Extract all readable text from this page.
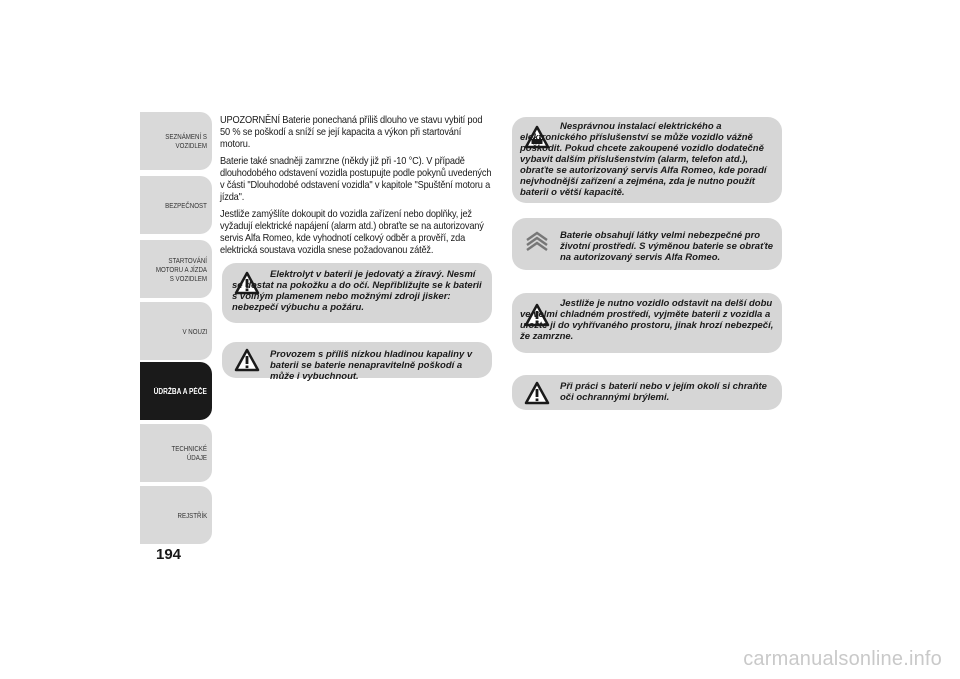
SEZNÁMENÍ S VOZIDLEM
BEZPEČNOST
STARTOVÁNÍ MOTORU A JÍZDA S VOZIDLEM
V NOUZI
ÚDRŽBA A PÉČE
TECHNICKÉ ÚDAJE
REJSTŘÍK
194

UPOZORNĚNÍ Baterie ponechaná příliš dlouho ve stavu vybití pod 50 % se poškodí a sníží se její kapacita a výkon při startování motoru.

Baterie také snadněji zamrzne (někdy již při -10 °C). V případě dlouhodobého odstavení vozidla postupujte podle pokynů uvedených v části "Dlouhodobé odstavení vozidla" v kapitole "Spuštění motoru a jízda".

Jestliže zamýšlíte dokoupit do vozidla zařízení nebo doplňky, jež vyžadují elektrické napájení (alarm atd.) obraťte se na autorizovaný servis Alfa Romeo, kde vyhodnotí celkový odběr a prověří, zda elektrická soustava vozidla snese požadovanou zátěž.

Elektrolyt v baterii je jedovatý a žíravý. Nesmí se dostat na pokožku a do očí. Nepřibližujte se k baterii s volným plamenem nebo možnými zdroji jisker: nebezpečí výbuchu a požáru.
Provozem s příliš nízkou hladinou kapaliny v baterii se baterie nenapravitelně poškodí a může i vybuchnout.
Nesprávnou instalací elektrického a elektronického příslušenství se může vozidlo vážně poškodit. Pokud chcete zakoupené vozidlo dodatečně vybavit dalším příslušenstvím (alarm, telefon atd.), obraťte se autorizovaný servis Alfa Romeo, kde poradí nejvhodnější zařízení a zejména, zda je nutno použít baterii o větší kapacitě.
Baterie obsahují látky velmi nebezpečné pro životní prostředí. S výměnou baterie se obraťte na autorizovaný servis Alfa Romeo.
Jestliže je nutno vozidlo odstavit na delší dobu ve velmi chladném prostředí, vyjměte baterii z vozidla a uložte ji do vyhřívaného prostoru, jinak hrozí nebezpečí, že zamrzne.
Při práci s baterií nebo v jejím okolí si chraňte oči ochrannými brýlemi.
carmanualsonline.info
